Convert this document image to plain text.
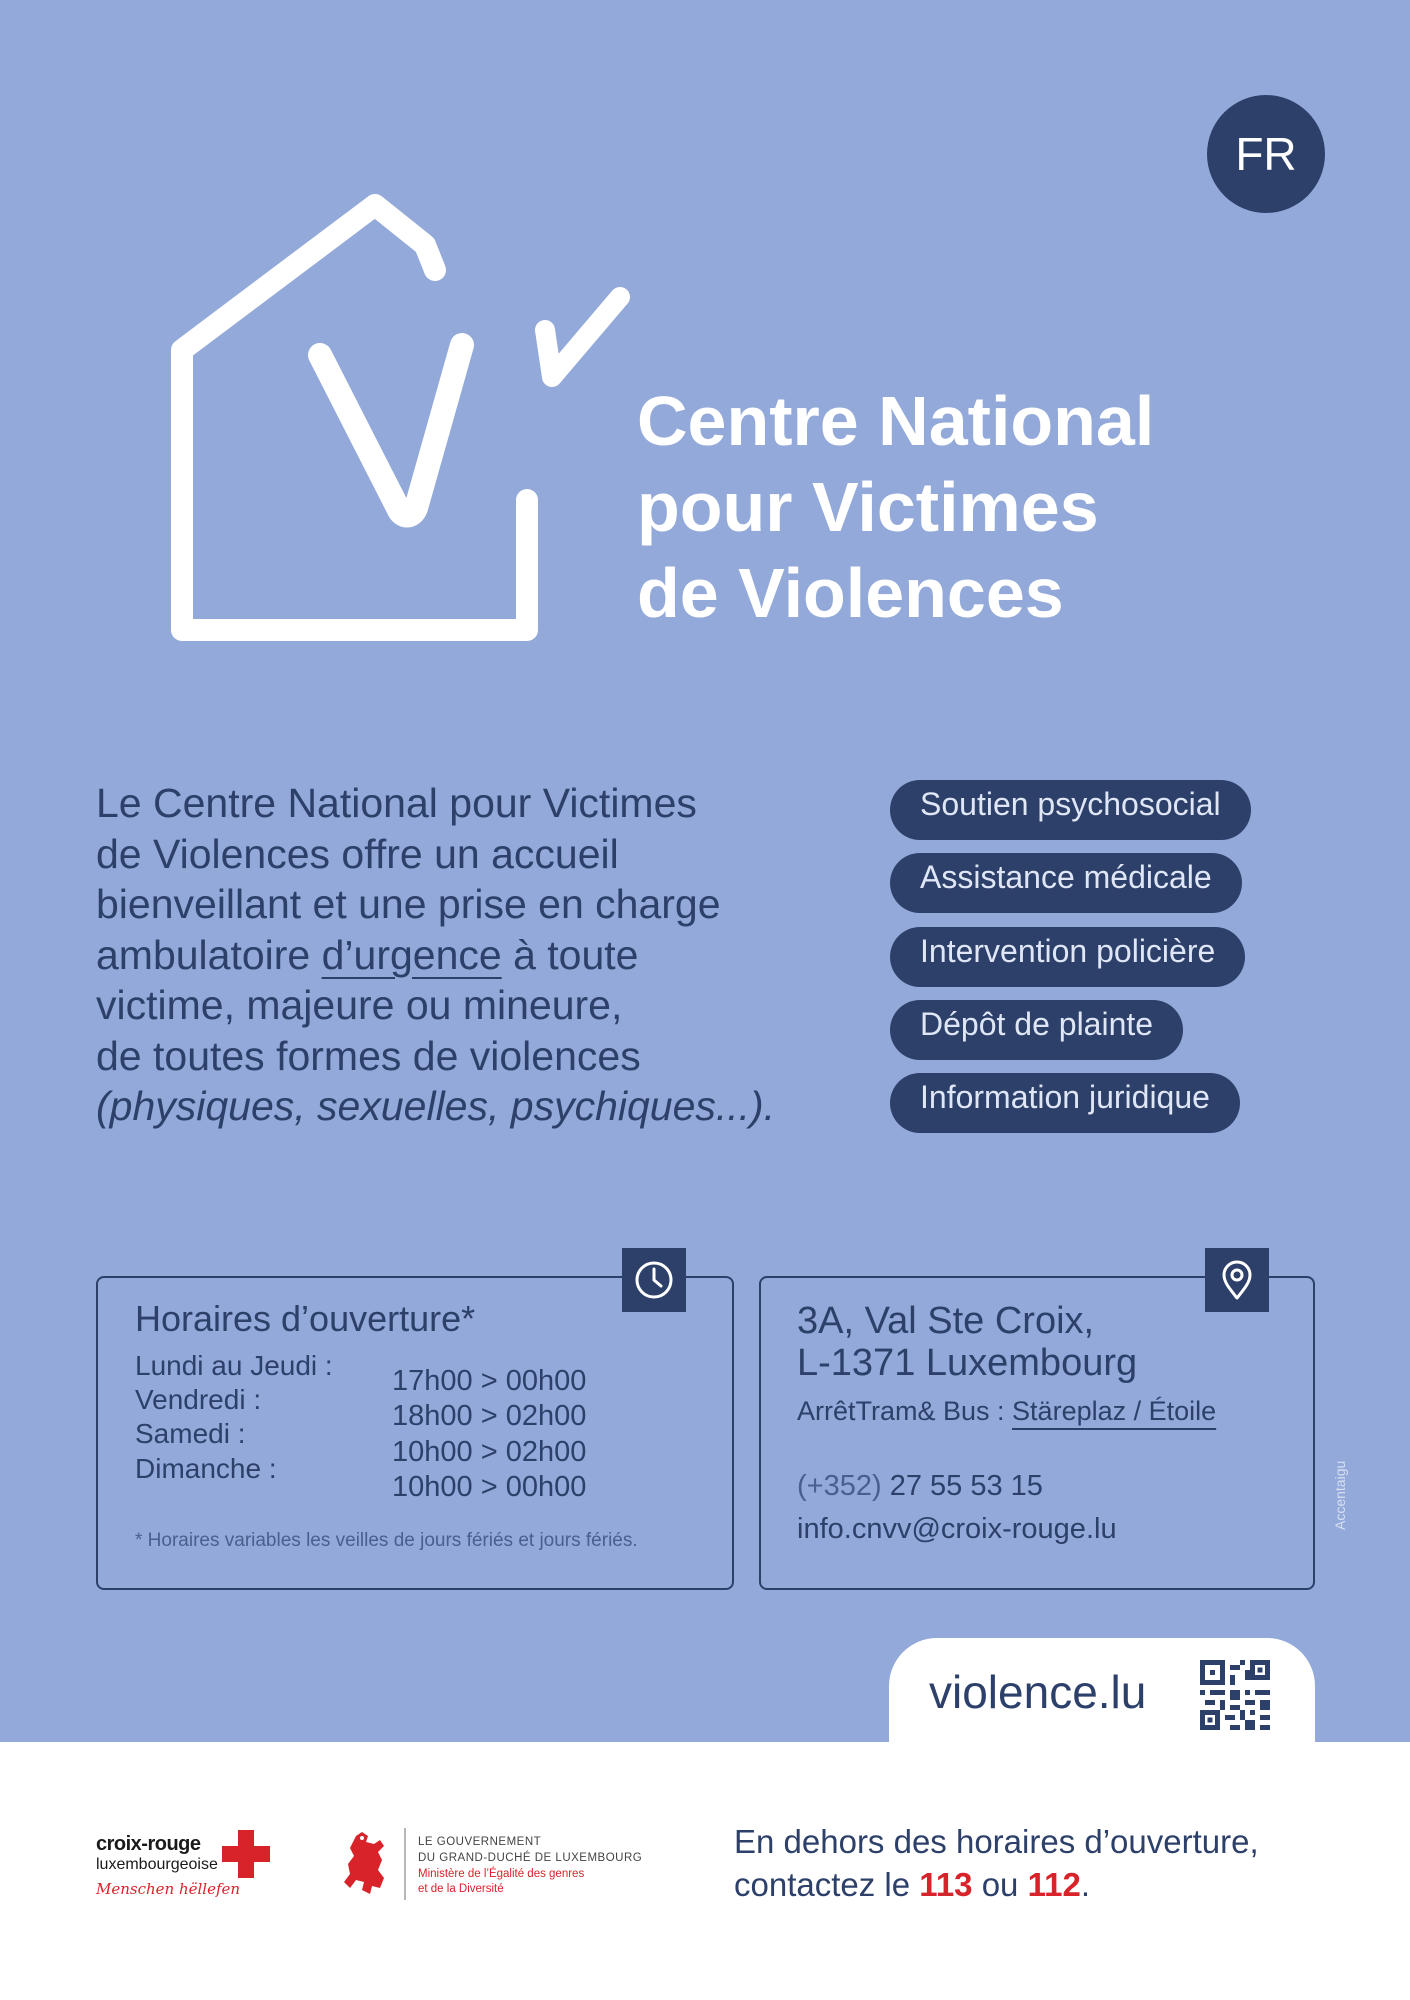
FR
Centre National
pour Victimes
de Violences
Le Centre National pour Victimes
de Violences offre un accueil
bienveillant et une prise en charge
ambulatoire d’urgence à toute
victime, majeure ou mineure,
de toutes formes de violences
(physiques, sexuelles, psychiques...).
Soutien psychosocial
Assistance médicale
Intervention policière
Dépôt de plainte
Information juridique
Horaires d’ouverture*
Lundi au Jeudi :
Vendredi :
Samedi :
Dimanche :
17h00 > 00h00
18h00 > 02h00
10h00 > 02h00
10h00 > 00h00
* Horaires variables les veilles de jours fériés et jours fériés.
3A, Val Ste Croix,
L-1371 Luxembourg
ArrêtTram& Bus : Stäreplaz / Étoile
(+352) 27 55 53 15
info.cnvv@croix-rouge.lu	Accentaigu
violence.lu
croix-rouge
luxembourgeoise
Menschen hëllefen
LE GOUVERNEMENT
DU GRAND-DUCHÉ DE LUXEMBOURG
Ministère de l’Égalité des genres
et de la Diversité
En dehors des horaires d’ouverture,
contactez le 113 ou 112.
